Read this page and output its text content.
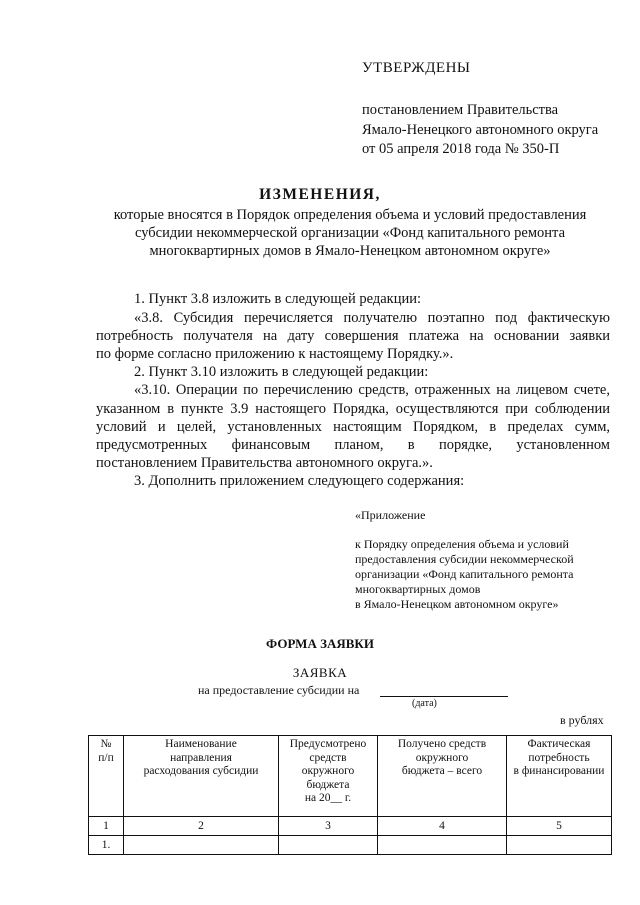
УТВЕРЖДЕНЫ
постановлением Правительства
Ямало-Ненецкого автономного округа
от 05 апреля 2018 года № 350-П
ИЗМЕНЕНИЯ,
которые вносятся в Порядок определения объема и условий предоставления
субсидии некоммерческой организации «Фонд капитального ремонта
многоквартирных домов в Ямало-Ненецком автономном округе»
1. Пункт 3.8 изложить в следующей редакции:
«3.8. Субсидия перечисляется получателю поэтапно под фактическую
потребность получателя на дату совершения платежа на основании заявки
по форме согласно приложению к настоящему Порядку.».
2. Пункт 3.10 изложить в следующей редакции:
«3.10. Операции по перечислению средств, отраженных на лицевом счете,
указанном в пункте 3.9 настоящего Порядка, осуществляются при соблюдении
условий и целей, установленных настоящим Порядком, в пределах сумм,
предусмотренных финансовым планом, в порядке, установленном
постановлением Правительства автономного округа.».
3. Дополнить приложением следующего содержания:
«Приложение
к Порядку определения объема и условий
предоставления субсидии некоммерческой
организации «Фонд капитального ремонта
многоквартирных домов
в Ямало-Ненецком автономном округе»
ФОРМА ЗАЯВКИ
ЗАЯВКА
на предоставление субсидии на
(дата)
в рублях
№
п/п	Наименование
направления
расходования субсидии	Предусмотрено
средств
окружного
бюджета
на 20__ г.	Получено средств
окружного
бюджета – всего	Фактическая
потребность
в финансировании

1	2	3	4	5
1.				
